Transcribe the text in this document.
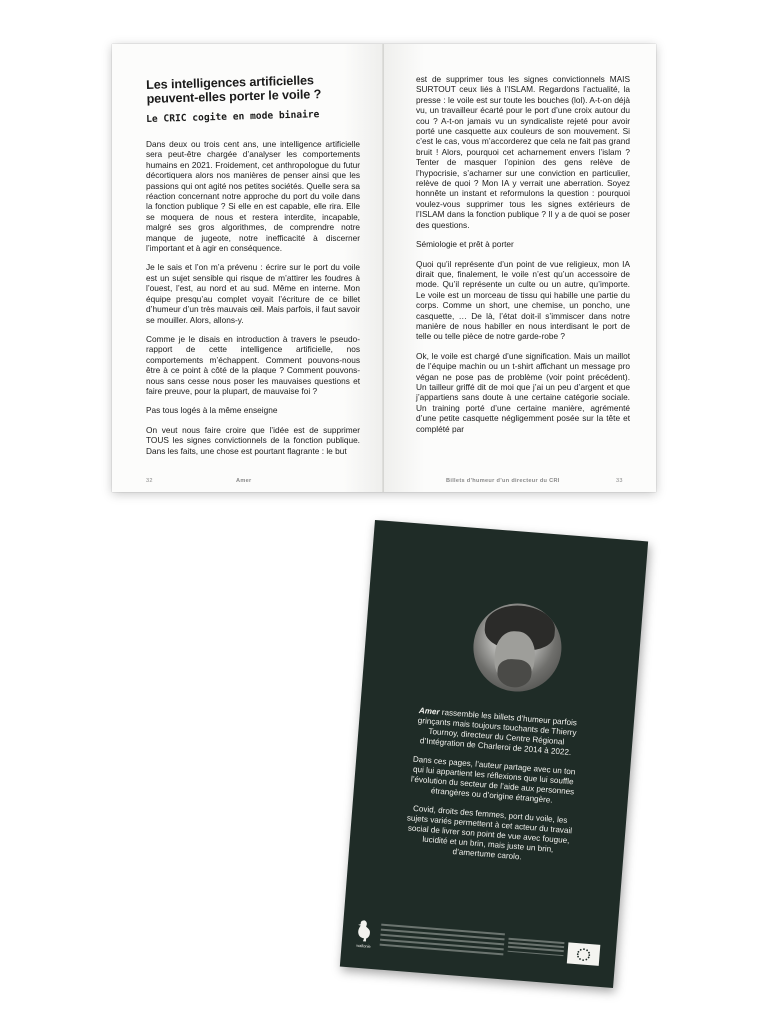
Les intelligences artificielles peuvent-elles porter le voile ?
Le CRIC cogite en mode binaire

Dans deux ou trois cent ans, une intelligence artificielle sera peut-être chargée d’analyser les comportements humains en 2021. Froidement, cet anthropologue du futur décortiquera alors nos manières de penser ainsi que les passions qui ont agité nos petites sociétés. Quelle sera sa réaction concernant notre approche du port du voile dans la fonction publique ? Si elle en est capable, elle rira. Elle se moquera de nous et restera interdite, incapable, malgré ses gros algorithmes, de comprendre notre manque de jugeote, notre inefficacité à discerner l’important et à agir en conséquence.

Je le sais et l’on m’a prévenu : écrire sur le port du voile est un sujet sensible qui risque de m’attirer les foudres à l’ouest, l’est, au nord et au sud. Même en interne. Mon équipe presqu’au complet voyait l’écriture de ce billet d’humeur d’un très mauvais œil. Mais parfois, il faut savoir se mouiller. Alors, allons-y.

Comme je le disais en introduction à travers le pseudo-rapport de cette intelligence artificielle, nos comportements m’échappent. Comment pouvons-nous être à ce point à côté de la plaque ? Comment pouvons-nous sans cesse nous poser les mauvaises questions et faire preuve, pour la plupart, de mauvaise foi ?

Pas tous logés à la même enseigne

On veut nous faire croire que l’idée est de supprimer TOUS les signes convictionnels de la fonction publique. Dans les faits, une chose est pourtant flagrante : le but

32	Amer

est de supprimer tous les signes convictionnels MAIS SURTOUT ceux liés à l’ISLAM. Regardons l’actualité, la presse : le voile est sur toute les bouches (lol). A-t-on déjà vu, un travailleur écarté pour le port d’une croix autour du cou ? A-t-on jamais vu un syndicaliste rejeté pour avoir porté une casquette aux couleurs de son mouvement. Si c’est le cas, vous m’accorderez que cela ne fait pas grand bruit ! Alors, pourquoi cet acharnement envers l’islam ? Tenter de masquer l’opinion des gens relève de l’hypocrisie, s’acharner sur une conviction en particulier, relève de quoi ? Mon IA y verrait une aberration. Soyez honnête un instant et reformulons la question : pourquoi voulez-vous supprimer tous les signes extérieurs de l’ISLAM dans la fonction publique ? Il y a de quoi se poser des questions.

Sémiologie et prêt à porter

Quoi qu’il représente d’un point de vue religieux, mon IA dirait que, finalement, le voile n’est qu’un accessoire de mode. Qu’il représente un culte ou un autre, qu’importe. Le voile est un morceau de tissu qui habille une partie du corps. Comme un short, une chemise, un poncho, une casquette, … De là, l’état doit-il s’immiscer dans notre manière de nous habiller en nous interdisant le port de telle ou telle pièce de notre garde-robe ?

Ok, le voile est chargé d’une signification. Mais un maillot de l’équipe machin ou un t-shirt affichant un message pro végan ne pose pas de problème (voir point précédent). Un tailleur griffé dit de moi que j’ai un peu d’argent et que j’appartiens sans doute à une certaine catégorie sociale. Un training porté d’une certaine manière, agrémenté d’une petite casquette négligemment posée sur la tête et complété par

Billets d’humeur d’un directeur du CRI	33

Amer rassemble les billets d’humeur parfois grinçants mais toujours touchants de Thierry Tournoy, directeur du Centre Régional d’Intégration de Charleroi de 2014 à 2022.

Dans ces pages, l’auteur partage avec un ton qui lui appartient les réflexions que lui souffle l’évolution du secteur de l’aide aux personnes étrangères ou d’origine étrangère.

Covid, droits des femmes, port du voile, les sujets variés permettent à cet acteur du travail social de livrer son point de vue avec fougue, lucidité et un brin, mais juste un brin, d’amertume carolo.

wallonie
